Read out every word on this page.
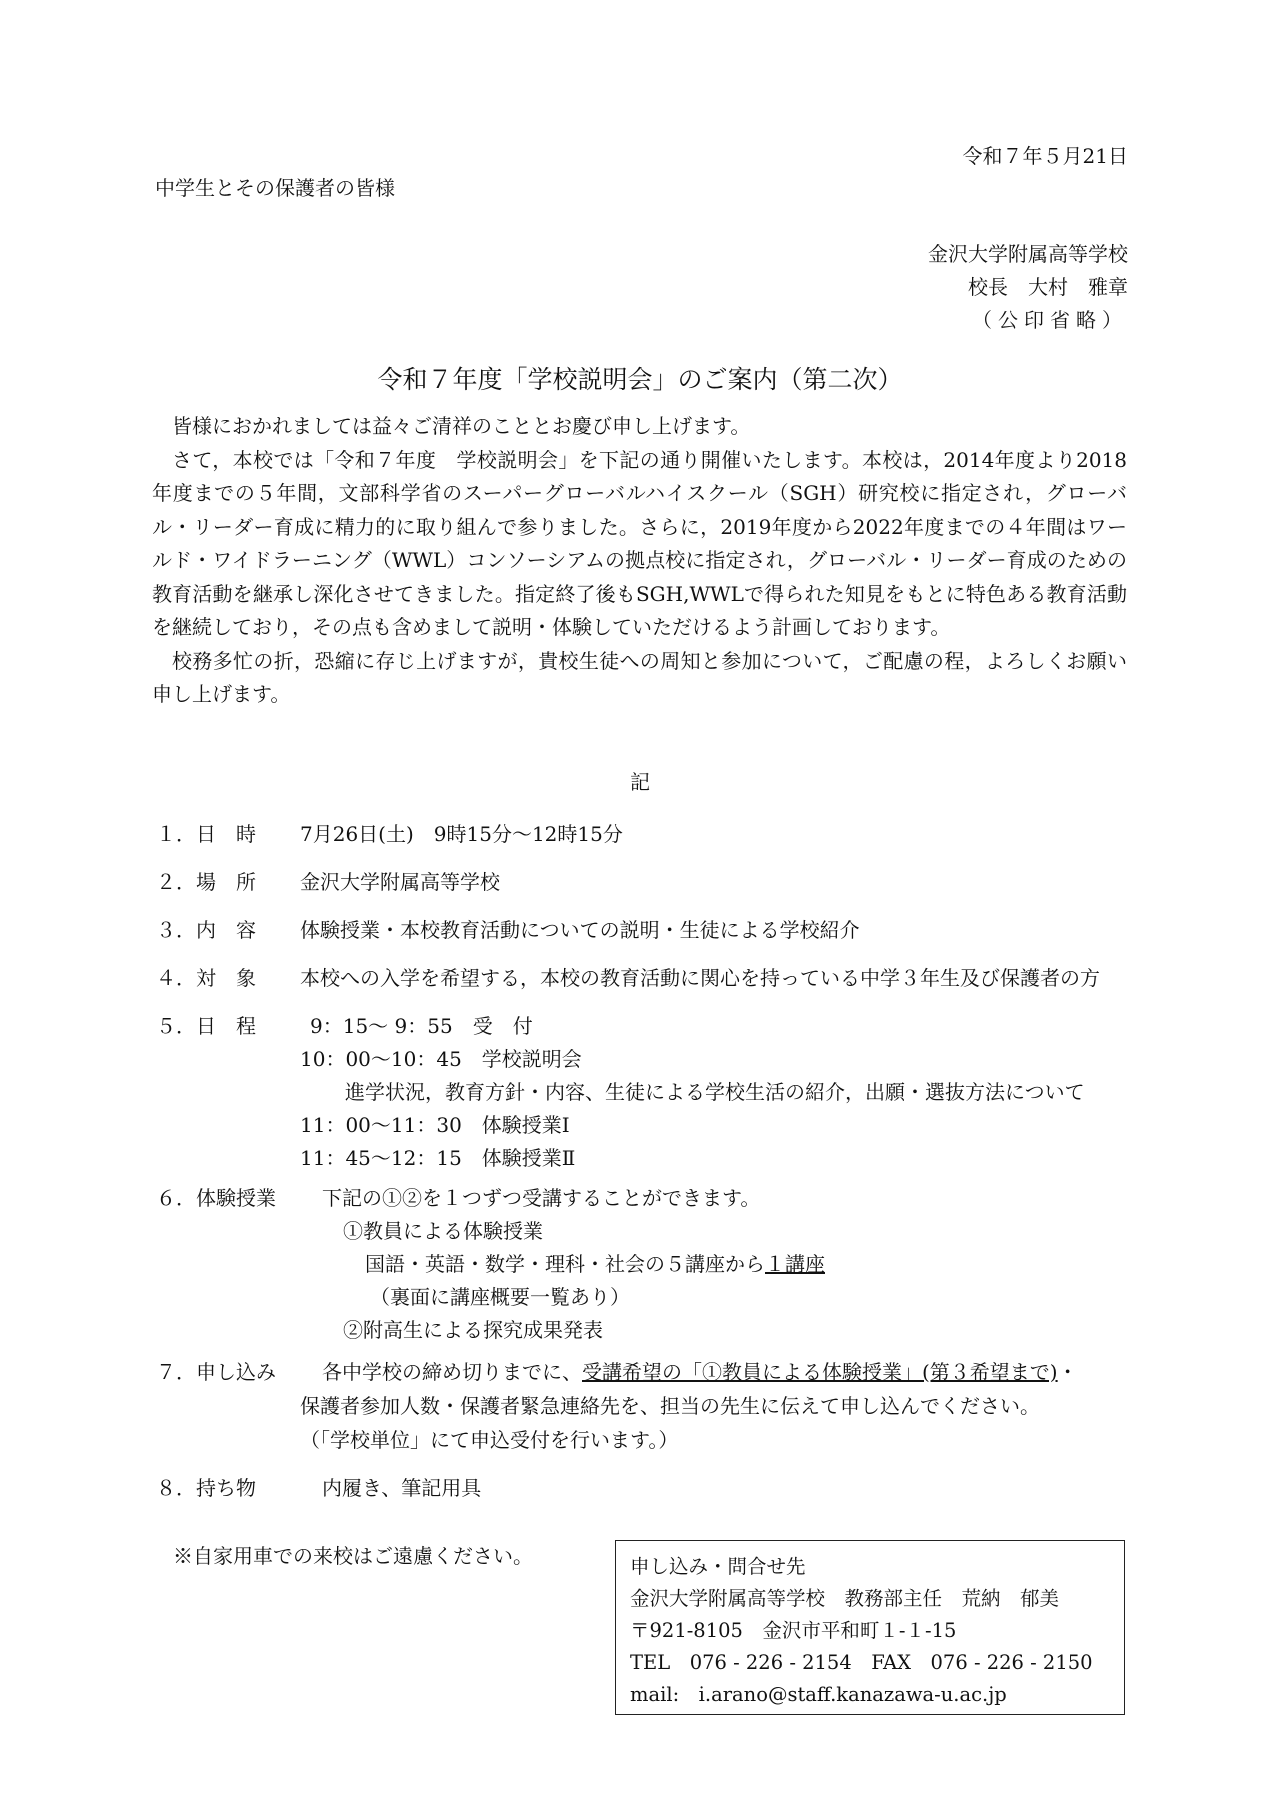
令和７年５月21日
中学生とその保護者の皆様
金沢大学附属高等学校
校長　大村　雅章
（公印省略）
令和７年度「学校説明会」のご案内（第二次）

皆様におかれましては益々ご清祥のこととお慶び申し上げます。

さて，本校では「令和７年度　学校説明会」を下記の通り開催いたします。本校は，2014年度より2018年度までの５年間，文部科学省のスーパーグローバルハイスクール（SGH）研究校に指定され，グローバル・リーダー育成に精力的に取り組んで参りました。さらに，2019年度から2022年度までの４年間はワールド・ワイドラーニング（WWL）コンソーシアムの拠点校に指定され，グローバル・リーダー育成のための教育活動を継承し深化させてきました。指定終了後もSGH,WWLで得られた知見をもとに特色ある教育活動を継続しており，その点も含めまして説明・体験していただけるよう計画しております。

校務多忙の折，恐縮に存じ上げますが，貴校生徒への周知と参加について，ご配慮の程，よろしくお願い申し上げます。

記
１． 日　時 7月26日(土)　9時15分～12時15分
２． 場　所 金沢大学附属高等学校
３． 内　容 体験授業・本校教育活動についての説明・生徒による学校紹介
４． 対　象 本校への入学を希望する，本校の教育活動に関心を持っている中学３年生及び保護者の方
５． 日　程	9：15～ 9：55　受　付
10：00～10：45　学校説明会
進学状況，教育方針・内容、生徒による学校生活の紹介，出願・選抜方法について
11：00～11：30　体験授業Ⅰ
11：45～12：15　体験授業Ⅱ
６． 体験授業 下記の①②を１つずつ受講することができます。
①教員による体験授業
国語・英語・数学・理科・社会の５講座から１講座
（裏面に講座概要一覧あり）
②附高生による探究成果発表
７． 申し込み 各中学校の締め切りまでに、受講希望の「①教員による体験授業」(第３希望まで)・
保護者参加人数・保護者緊急連絡先を、担当の先生に伝えて申し込んでください。
（「学校単位」にて申込受付を行います。）
８． 持ち物	内履き、筆記用具
※自家用車での来校はご遠慮ください。	申し込み・問合せ先
金沢大学附属高等学校　教務部主任　荒納　郁美
〒921-8105　金沢市平和町１-１-15
TEL　076 - 226 - 2154　FAX　076 - 226 - 2150
mail:　i.arano@staff.kanazawa-u.ac.jp
